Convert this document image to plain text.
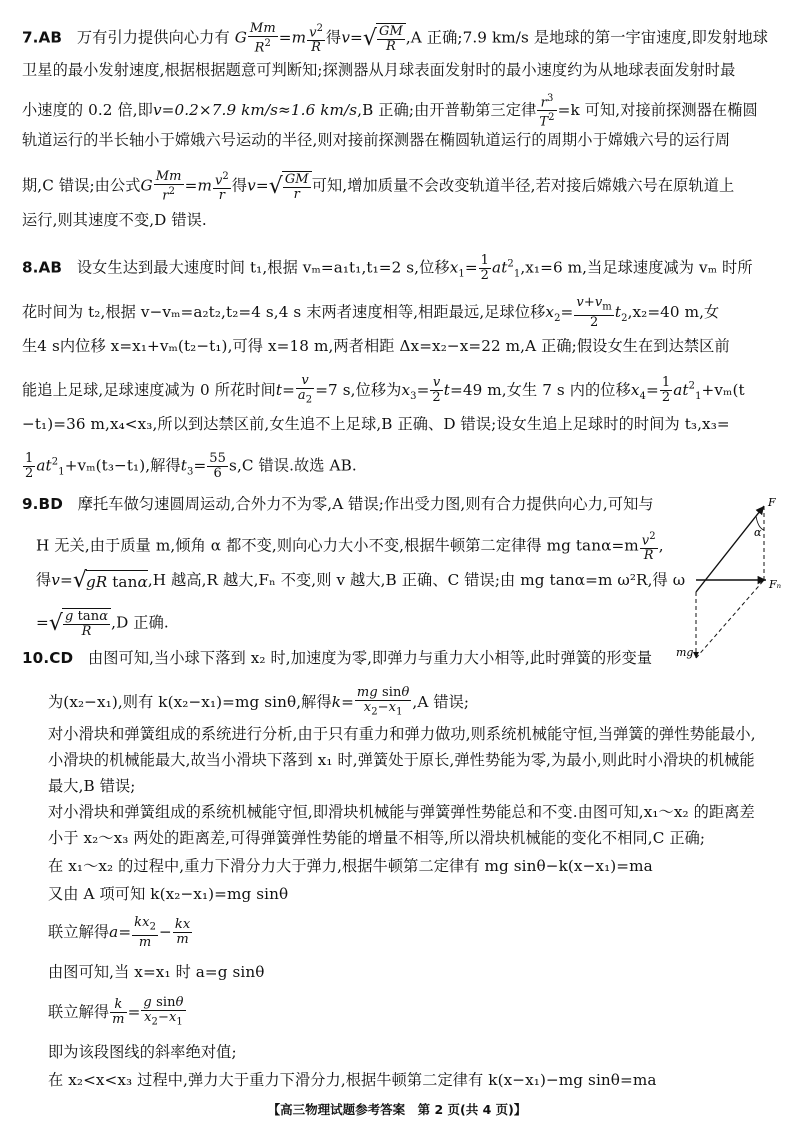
7.AB 万有引力提供向心力有 G $\frac{Mm}{R^2} =m \frac{v^2}{R}$ 得$v=√ \frac{GM}{R} ,A$ 正确;7.9 km/s 是地球的第一宇宙速度,即发射地球
卫星的最小发射速度,根据根据题意可判断知;探测器从月球表面发射时的最小速度约为从地球表面发射时最
小速度的 0.2 倍,即v=0.2×7.9 km/s≈1.6 km/s,B 正确;由开普勒第三定律 $\frac{r^3}{T^2} =k$ 可知,对接前探测器在椭圆
轨道运行的半长轴小于嫦娥六号运动的半径,则对接前探测器在椭圆轨道运行的周期小于嫦娥六号的运行周
期,C 错误;由公式G $\frac{Mm}{r^2} =m \frac{v^2}{r}$ 得$v=√ \frac{GM}{r}$ 可知,增加质量不会改变轨道半径,若对接后嫦娥六号在原轨道上
运行,则其速度不变,D 错误.
8.AB 设女生达到最大速度时间 t₁,根据 vₘ=a₁t₁,t₁=2 s,位移$x_1= \frac{1}{2} at^2_1,x_1=6$ m,当足球速度减为 vₘ 时所
花时间为 t₂,根据 v−vₘ=a₂t₂,t₂=4 s,4 s 末两者速度相等,相距最远,足球位移$x_2= \frac{v+v_m}{2} t_2,x_2=40$ m,女
生4 s内位移 x=x₁+vₘ(t₂−t₁),可得 x=18 m,两者相距 Δx=x₂−x=22 m,A 正确;假设女生在到达禁区前
能追上足球,足球速度减为 0 所花时间$t= \frac{v}{a_2} =7$ s,位移为$x_3= \frac{v}{2} t=49$ m,女生 7 s 内的位移$x_4= \frac{1}{2} at^2_1+v_m(t$
−t₁)=36 m,x₄<x₃,所以到达禁区前,女生追不上足球,B 正确、D 错误;设女生追上足球时的时间为 t₃,x₃=
$\frac{1}{2} at^2_1+v_m(t_3-t_1)$,解得$t_3= \frac{55}{6} s,C$ 错误.故选 AB.
9.BD 摩托车做匀速圆周运动,合外力不为零,A 错误;作出受力图,则有合力提供向心力,可知与
H 无关,由于质量 m,倾角 α 都不变,则向心力大小不变,根据牛顿第二定律得 mg $\tan\alpha=m \frac{v^2}{R}$ ,
得v=√gR tanα,H 越高,R 越大,Fₙ 不变,则 v 越大,B 正确、C 错误;由 mg tanα=m ω²R,得 ω
=√ $\frac{\text{g tanα}}{R} ,D$ 正确.
F
α
Fₙ
mg
10.CD 由图可知,当小球下落到 x₂ 时,加速度为零,即弹力与重力大小相等,此时弹簧的形变量
为(x₂−x₁),则有 k(x₂−x₁)=mg sinθ,解得$k= \frac{\text{mg sinθ}}{x_2-x_1} ,A$ 错误;
对小滑块和弹簧组成的系统进行分析,由于只有重力和弹力做功,则系统机械能守恒,当弹簧的弹性势能最小,
小滑块的机械能最大,故当小滑块下落到 x₁ 时,弹簧处于原长,弹性势能为零,为最小,则此时小滑块的机械能
最大,B 错误;
对小滑块和弹簧组成的系统机械能守恒,即滑块机械能与弹簧弹性势能总和不变.由图可知,x₁～x₂ 的距离差
小于 x₂～x₃ 两处的距离差,可得弹簧弹性势能的增量不相等,所以滑块机械能的变化不相同,C 正确;
在 x₁～x₂ 的过程中,重力下滑分力大于弹力,根据牛顿第二定律有 mg sinθ−k(x−x₁)=ma
又由 A 项可知 k(x₂−x₁)=mg sinθ
联立解得$a= \frac{kx_2}{m} - \frac{kx}{m}$
由图可知,当 x=x₁ 时 a=g sinθ
联立解得 $\frac{k}{m} = \frac{\text{g sinθ}}{x_2-x_1}$
即为该段图线的斜率绝对值;
在 x₂<x<x₃ 过程中,弹力大于重力下滑分力,根据牛顿第二定律有 k(x−x₁)−mg sinθ=ma
【高三物理试题参考答案　第 2 页(共 4 页)】
